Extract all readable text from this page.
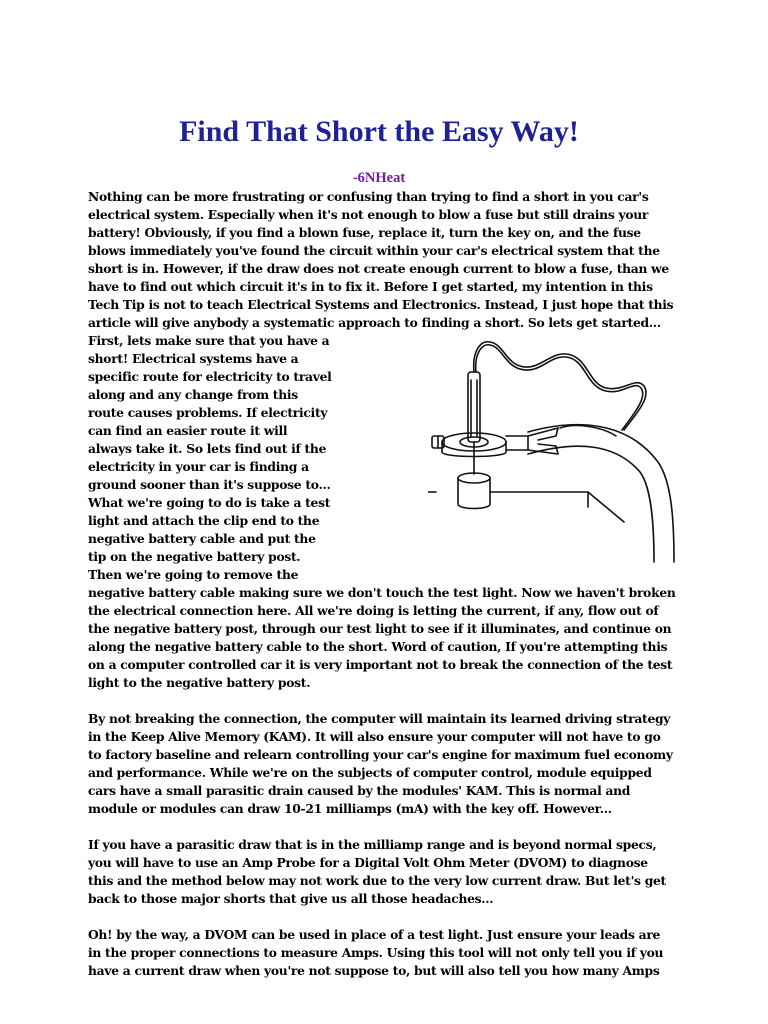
Find That Short the Easy Way!
-6NHeat
Nothing can be more frustrating or confusing than trying to find a short in you car's
electrical system. Especially when it's not enough to blow a fuse but still drains your
battery! Obviously, if you find a blown fuse, replace it, turn the key on, and the fuse
blows immediately you've found the circuit within your car's electrical system that the
short is in. However, if the draw does not create enough current to blow a fuse, than we
have to find out which circuit it's in to fix it. Before I get started, my intention in this
Tech Tip is not to teach Electrical Systems and Electronics. Instead, I just hope that this
article will give anybody a systematic approach to finding a short. So lets get started...
First, lets make sure that you have a
short! Electrical systems have a
specific route for electricity to travel
along and any change from this
route causes problems. If electricity
can find an easier route it will
always take it. So lets find out if the
electricity in your car is finding a
ground sooner than it's suppose to...
What we're going to do is take a test
light and attach the clip end to the
negative battery cable and put the
tip on the negative battery post.
Then we're going to remove the
negative battery cable making sure we don't touch the test light. Now we haven't broken
the electrical connection here. All we're doing is letting the current, if any, flow out of
the negative battery post, through our test light to see if it illuminates, and continue on
along the negative battery cable to the short. Word of caution, If you're attempting this
on a computer controlled car it is very important not to break the connection of the test
light to the negative battery post.
By not breaking the connection, the computer will maintain its learned driving strategy
in the Keep Alive Memory (KAM). It will also ensure your computer will not have to go
to factory baseline and relearn controlling your car's engine for maximum fuel economy
and performance. While we're on the subjects of computer control, module equipped
cars have a small parasitic drain caused by the modules' KAM. This is normal and
module or modules can draw 10-21 milliamps (mA) with the key off. However...
If you have a parasitic draw that is in the milliamp range and is beyond normal specs,
you will have to use an Amp Probe for a Digital Volt Ohm Meter (DVOM) to diagnose
this and the method below may not work due to the very low current draw. But let's get
back to those major shorts that give us all those headaches...
Oh! by the way, a DVOM can be used in place of a test light. Just ensure your leads are
in the proper connections to measure Amps. Using this tool will not only tell you if you
have a current draw when you're not suppose to, but will also tell you how many Amps
